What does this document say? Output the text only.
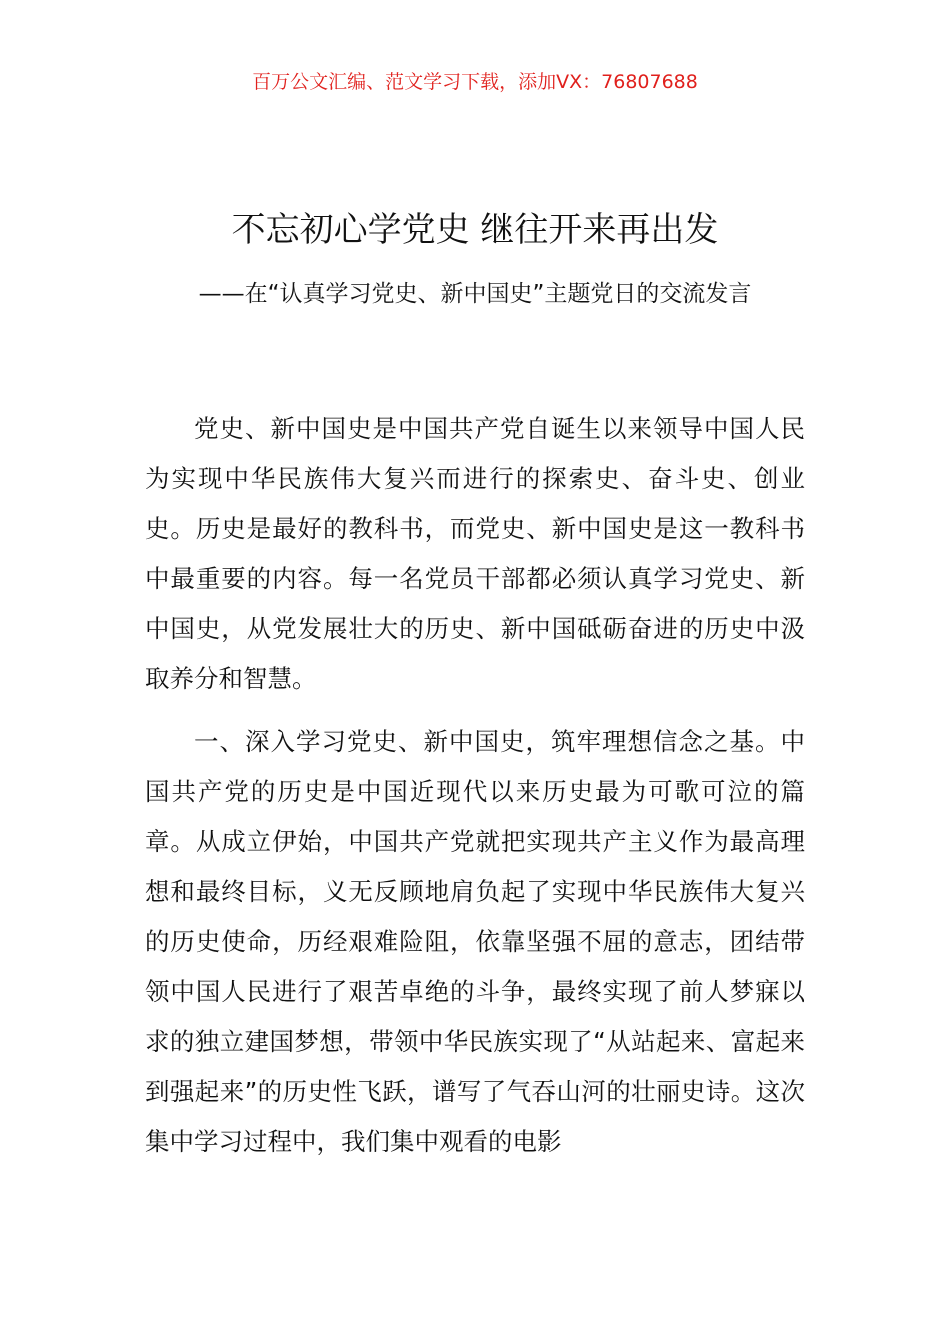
百万公文汇编、范文学习下载，添加VX：76807688
不忘初心学党史 继往开来再出发
——在“认真学习党史、新中国史”主题党日的交流发言

党史、新中国史是中国共产党自诞生以来领导中国人民为实现中华民族伟大复兴而进行的探索史、奋斗史、创业史。历史是最好的教科书，而党史、新中国史是这一教科书中最重要的内容。每一名党员干部都必须认真学习党史、新中国史，从党发展壮大的历史、新中国砥砺奋进的历史中汲取养分和智慧。

一、深入学习党史、新中国史，筑牢理想信念之基。中国共产党的历史是中国近现代以来历史最为可歌可泣的篇章。从成立伊始，中国共产党就把实现共产主义作为最高理想和最终目标，义无反顾地肩负起了实现中华民族伟大复兴的历史使命，历经艰难险阻，依靠坚强不屈的意志，团结带领中国人民进行了艰苦卓绝的斗争，最终实现了前人梦寐以求的独立建国梦想，带领中华民族实现了“从站起来、富起来到强起来”的历史性飞跃，谱写了气吞山河的壮丽史诗。这次集中学习过程中，我们集中观看的电影
